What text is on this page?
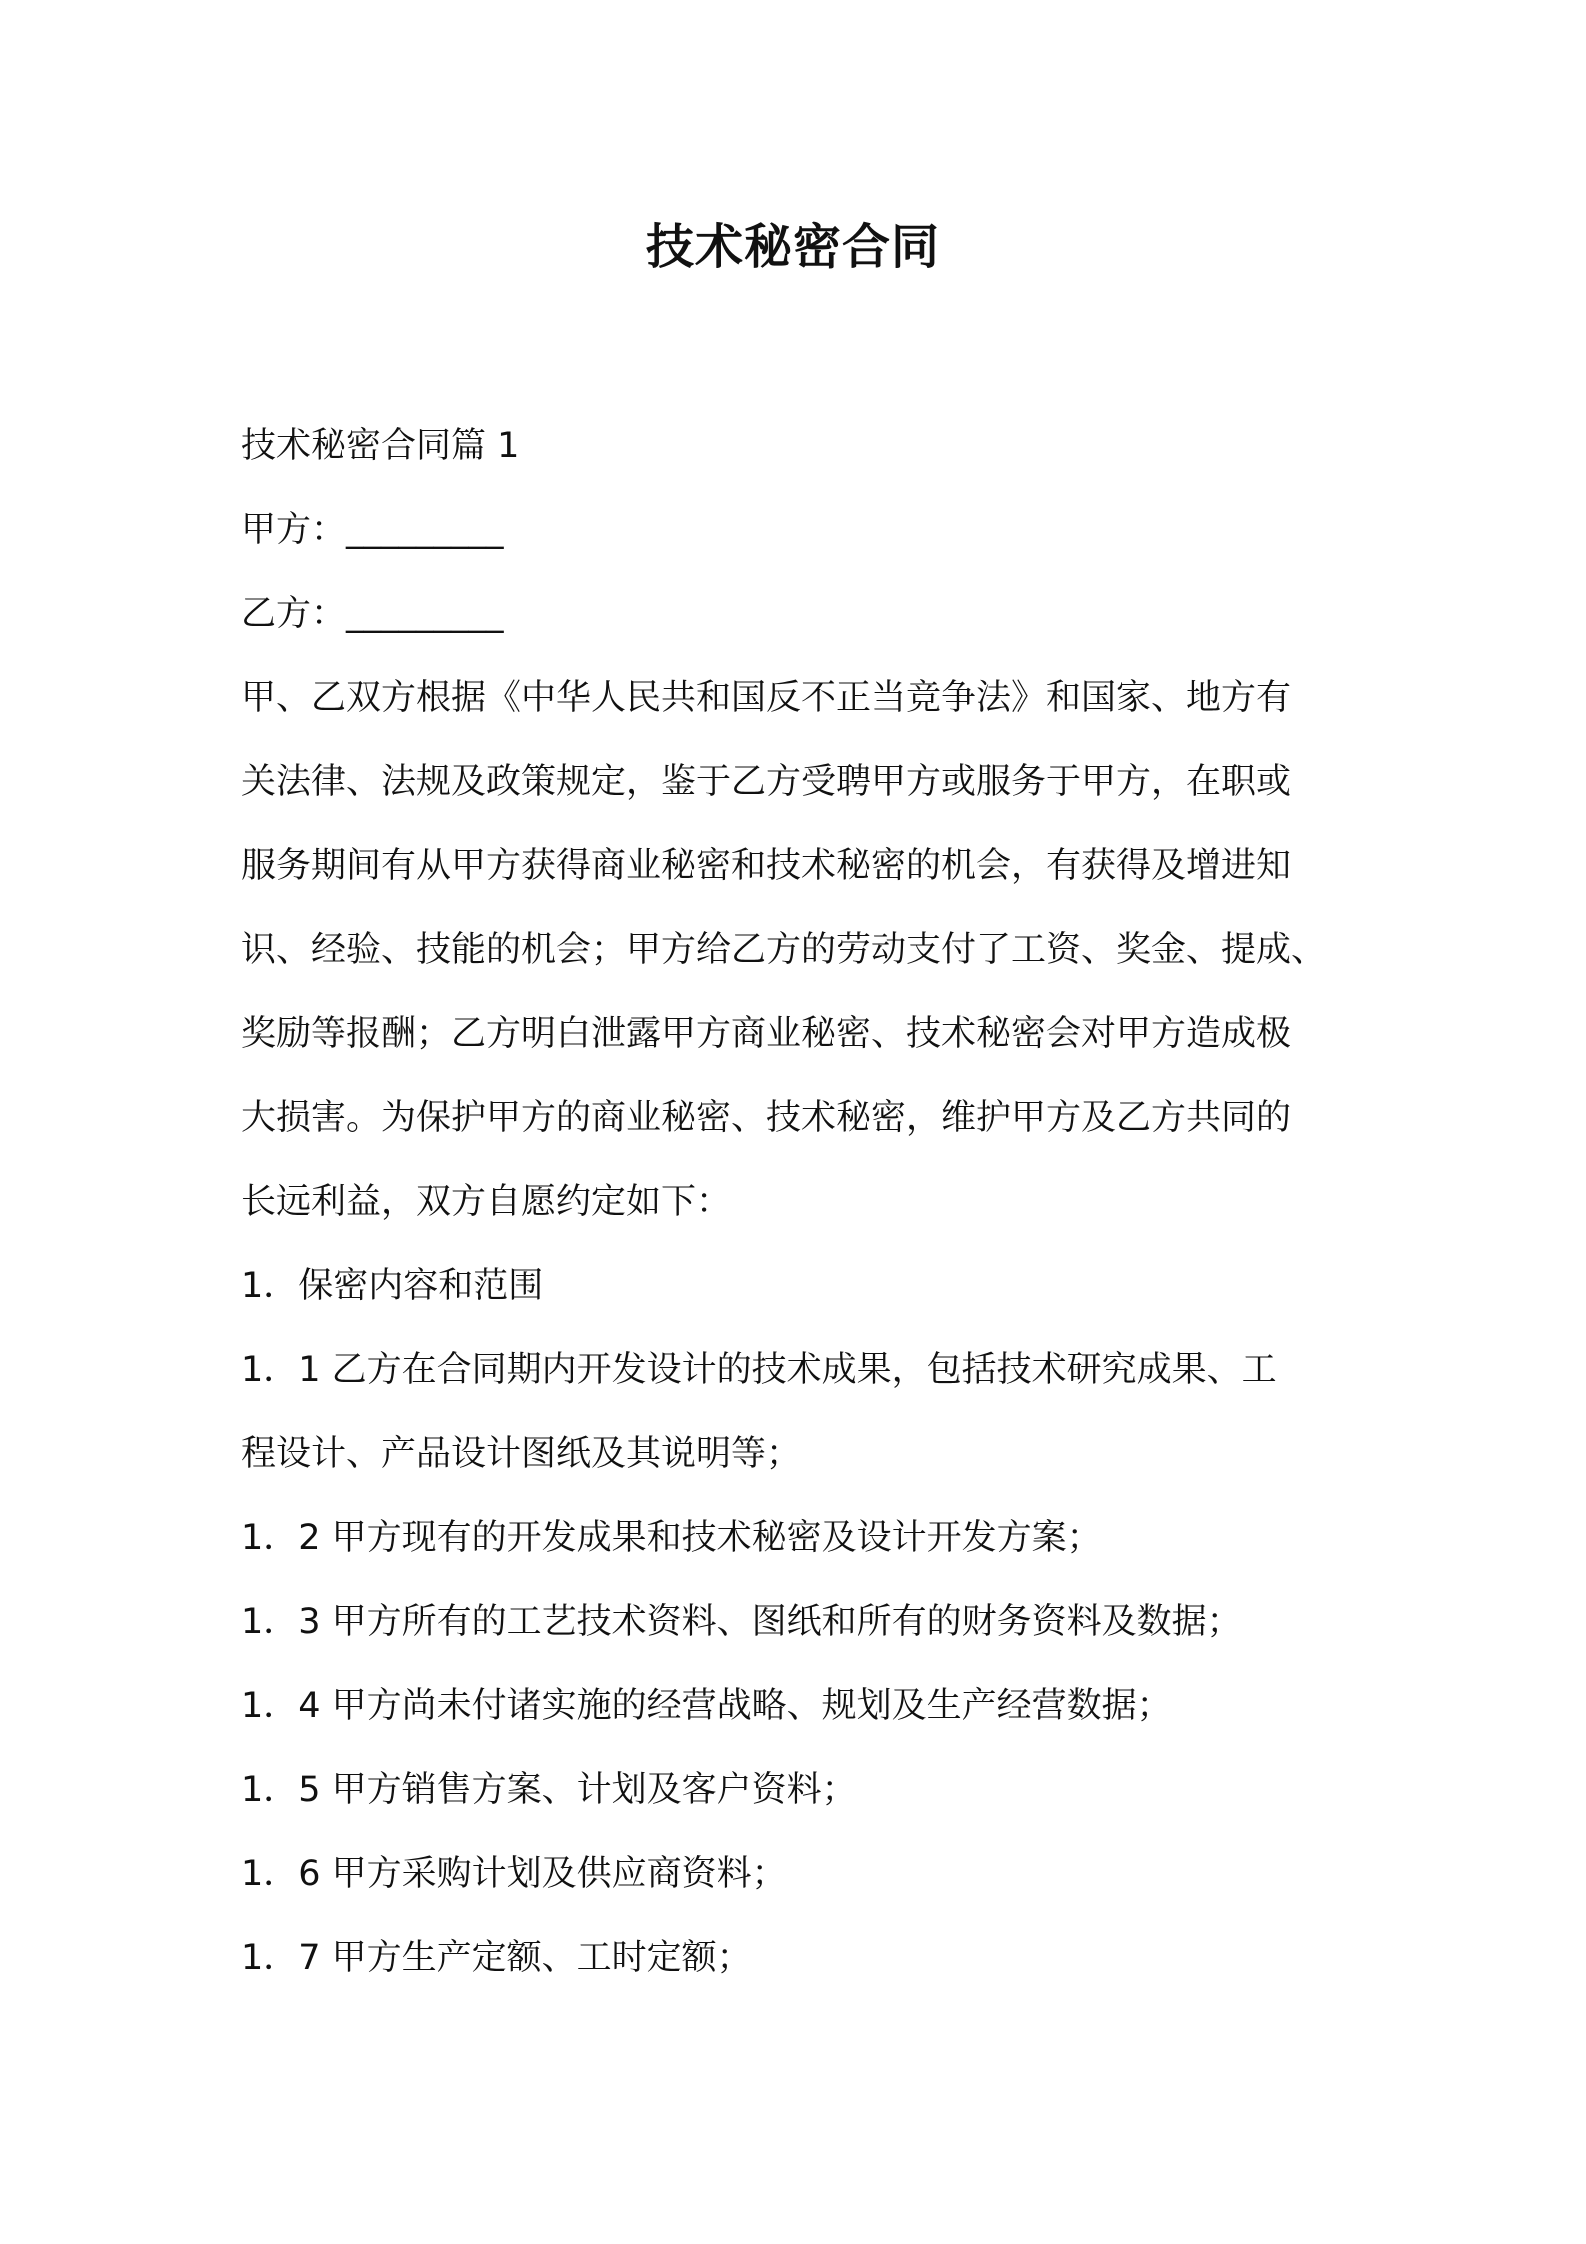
技术秘密合同
技术秘密合同篇 1
甲方：_________
乙方：_________
甲、乙双方根据《中华人民共和国反不正当竞争法》和国家、地方有
关法律、法规及政策规定，鉴于乙方受聘甲方或服务于甲方，在职或
服务期间有从甲方获得商业秘密和技术秘密的机会，有获得及增进知
识、经验、技能的机会；甲方给乙方的劳动支付了工资、奖金、提成、
奖励等报酬；乙方明白泄露甲方商业秘密、技术秘密会对甲方造成极
大损害。为保护甲方的商业秘密、技术秘密，维护甲方及乙方共同的
长远利益，双方自愿约定如下：
1．保密内容和范围
1．1 乙方在合同期内开发设计的技术成果，包括技术研究成果、工
程设计、产品设计图纸及其说明等；
1．2 甲方现有的开发成果和技术秘密及设计开发方案；
1．3 甲方所有的工艺技术资料、图纸和所有的财务资料及数据；
1．4 甲方尚未付诸实施的经营战略、规划及生产经营数据；
1．5 甲方销售方案、计划及客户资料；
1．6 甲方采购计划及供应商资料；
1．7 甲方生产定额、工时定额；
